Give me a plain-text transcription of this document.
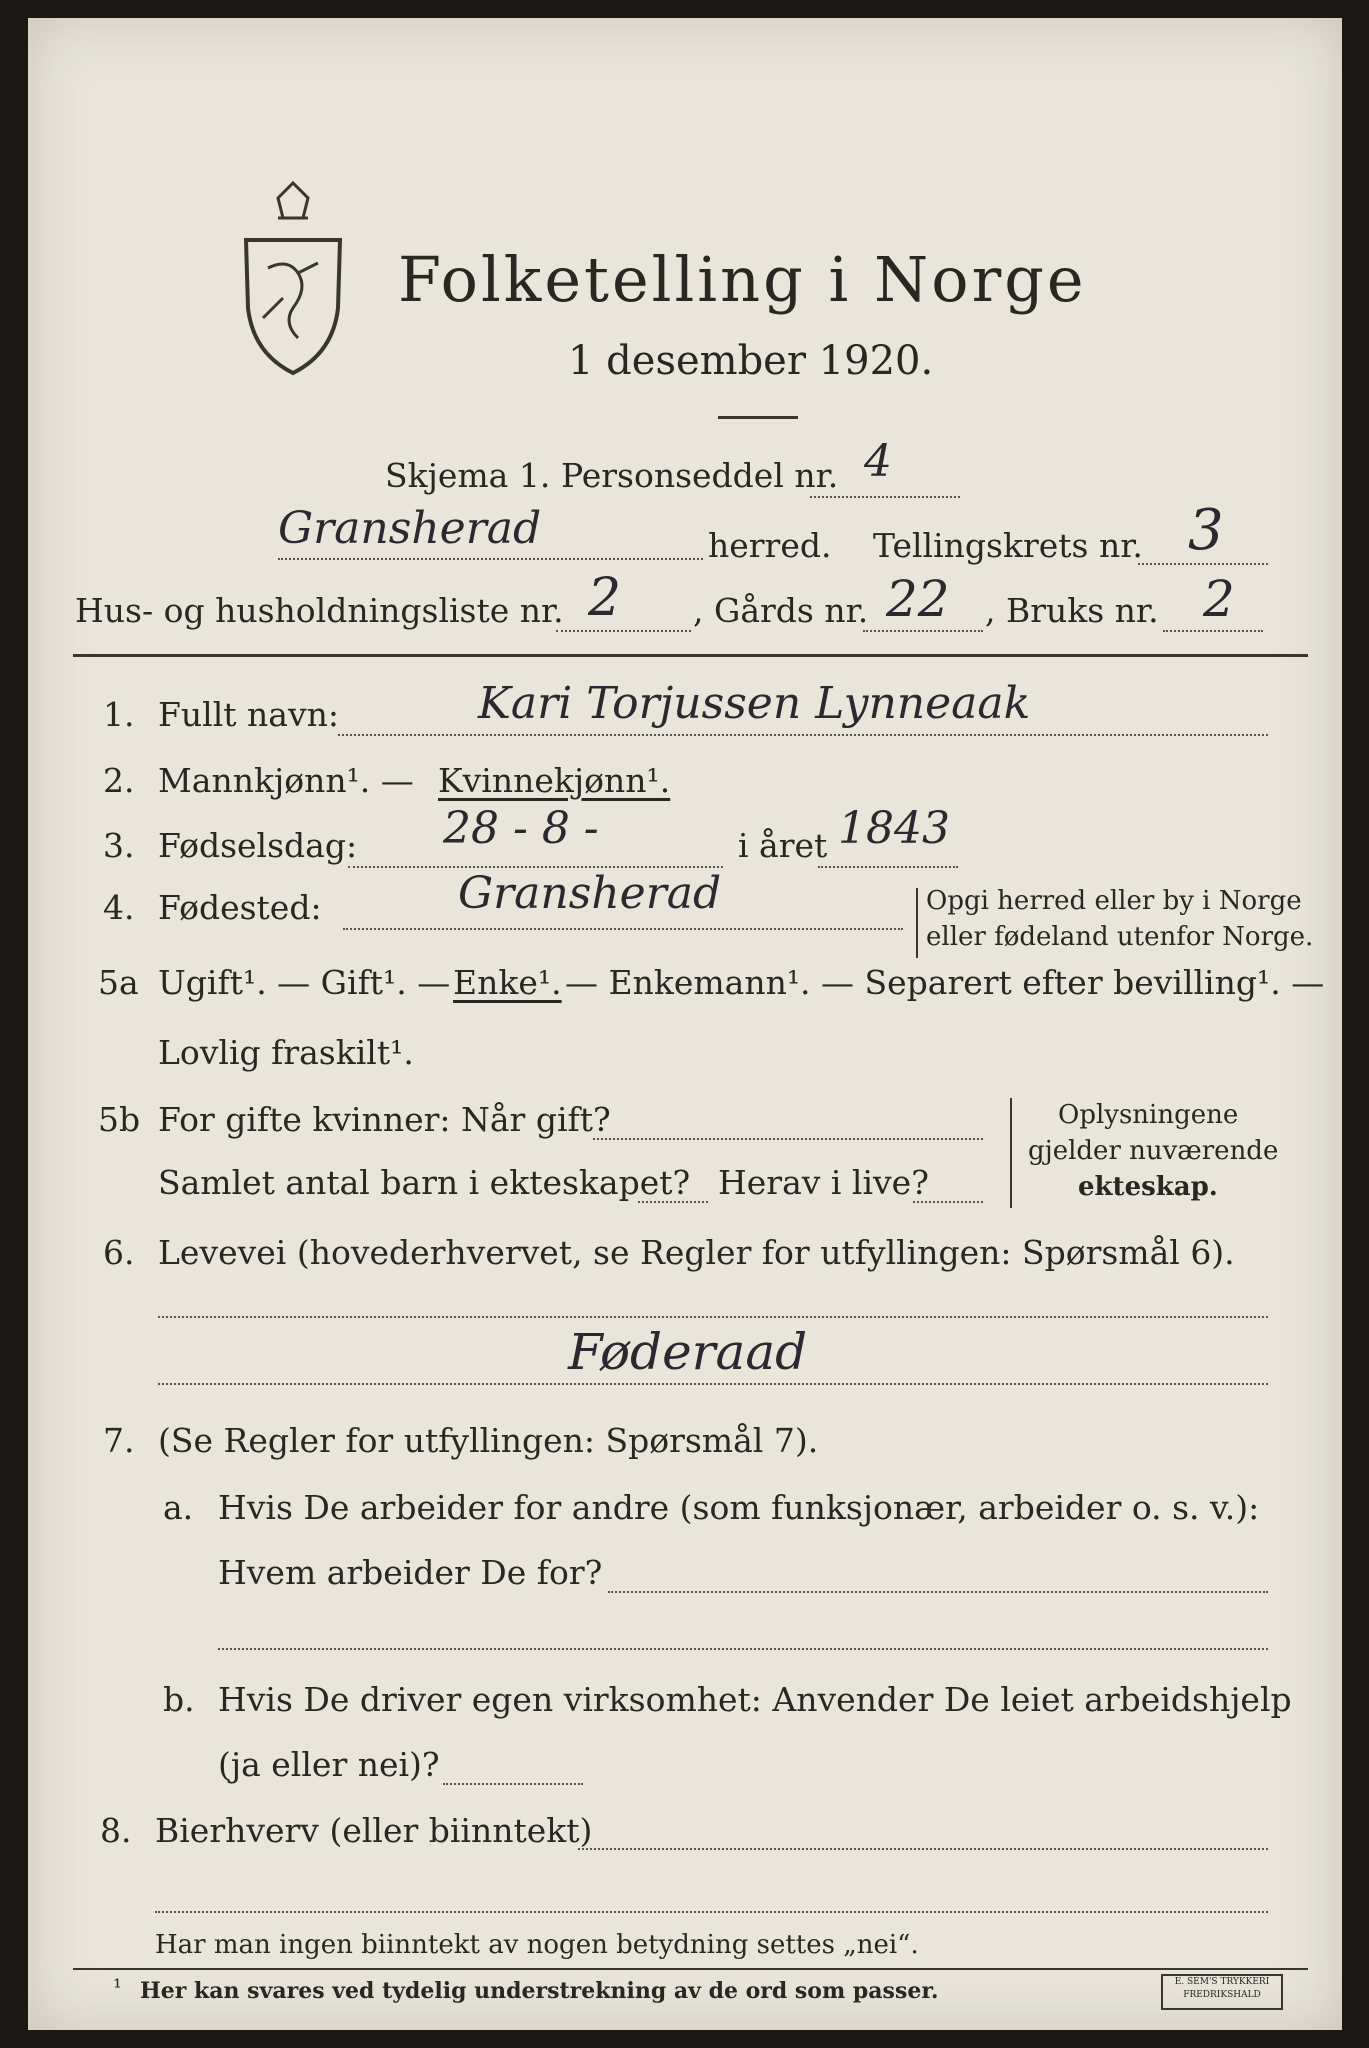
Folketelling i Norge
1 desember 1920.
Skjema 1. Personseddel nr. 4
Gransherad	herred. Tellingskrets nr. 3
Hus- og husholdningsliste nr. 2 , Gårds nr. 22 , Bruks nr. 2
1. Fullt navn:	Kari Torjussen Lynneaak
2. Mannkjønn¹. — Kvinnekjønn¹.
3. Fødselsdag: 28 - 8 -	i året 1843
4. Fødested:	Gransherad	Opgi herred eller by i Norge
eller fødeland utenfor Norge.
5a Ugift¹. — Gift¹. — Enke¹. — Enkemann¹. — Separert efter bevilling¹. —
Lovlig fraskilt¹.
5b For gifte kvinner: Når gift?
Samlet antal barn i ekteskapet? Herav i live?
Oplysningene
gjelder nuværende
ekteskap.
6. Levevei (hovederhvervet, se Regler for utfyllingen: Spørsmål 6).
Føderaad
7. (Se Regler for utfyllingen: Spørsmål 7).
a. Hvis De arbeider for andre (som funksjonær, arbeider o. s. v.):
Hvem arbeider De for?
b. Hvis De driver egen virksomhet: Anvender De leiet arbeidshjelp
(ja eller nei)?
8. Bierhverv (eller biinntekt)
Har man ingen biinntekt av nogen betydning settes „nei“.
¹ Her kan svares ved tydelig understrekning av de ord som passer.	E. SEM'S TRYKKERI FREDRIKSHALD
